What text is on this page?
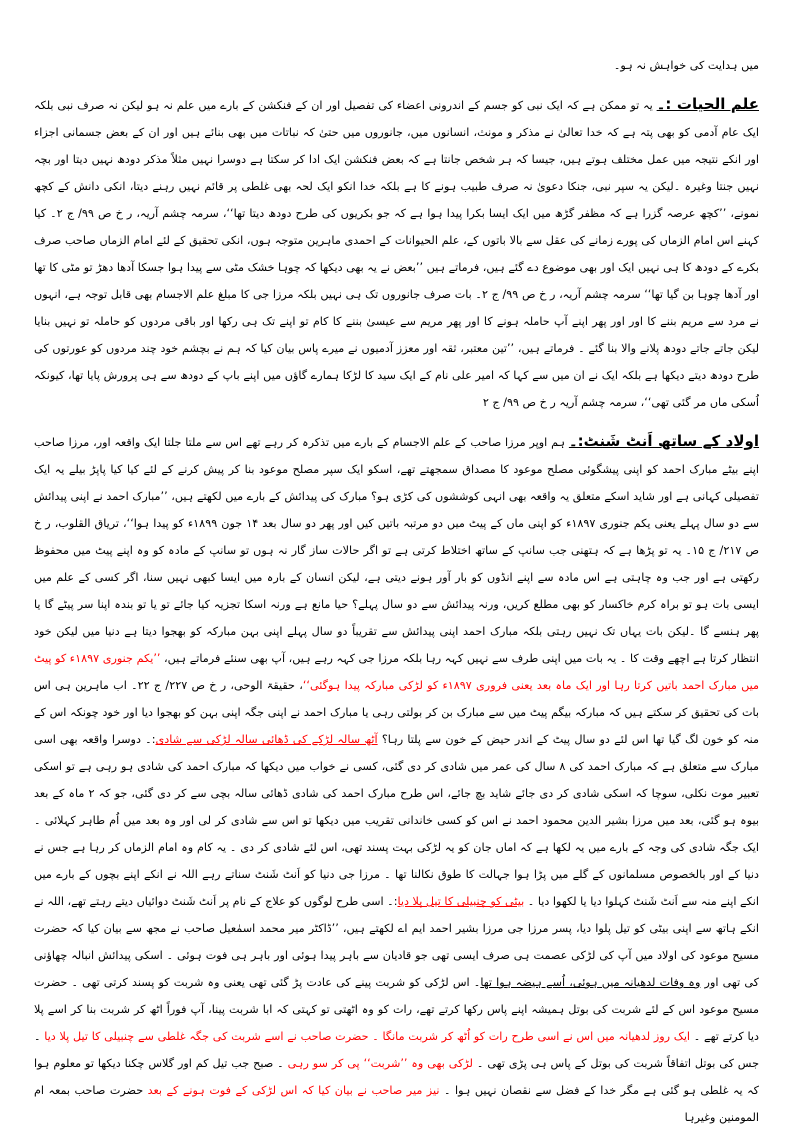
میں ہدایت کی خواہش نہ ہو۔

علم الحیات :۔ یہ تو ممکن ہے کہ ایک نبی کو جسم کے اندرونی اعضاء کی تفصیل اور ان کے فنکشن کے بارے میں علم نہ ہو لیکن نہ صرف نبی بلکہ ایک عام آدمی کو بھی پتہ ہے کہ خدا تعالیٰ نے مذکر و مونث، انسانوں میں، جانوروں میں حتیٰ کہ نباتات میں بھی بنائے ہیں اور ان کے بعض جسمانی اجزاء اور انکے نتیجہ میں عمل مختلف ہوتے ہیں، جیسا کہ ہر شخص جانتا ہے کہ بعض فنکشن ایک ادا کر سکتا ہے دوسرا نہیں مثلاً مذکر دودھ نہیں دیتا اور بچہ نہیں جنتا وغیرہ ۔لیکن یہ سپر نبی، جنکا دعویٰ نہ صرف طبیب ہونے کا ہے بلکہ خدا انکو ایک لحہ بھی غلطی پر قائم نہیں رہنے دیتا، انکی دانش کے کچھ نمونے، ’’کچھ عرصہ گزرا ہے کہ مظفر گڑھ میں ایک ایسا بکرا پیدا ہوا ہے کہ جو بکریوں کی طرح دودھ دیتا تھا‘‘، سرمہ چشم آریہ، ر خ ص ۹۹/ ج ۲۔ کیا کہنے اس امام الزماں کی پورے زمانے کی عقل سے بالا باتوں کے، علم الحیوانات کے احمدی ماہرین متوجہ ہوں، انکی تحقیق کے لئے امام الزماں صاحب صرف بکرے کے دودھ کا ہی نہیں ایک اور بھی موضوع دے گئے ہیں، فرماتے ہیں ’’بعض نے یہ بھی دیکھا کہ چوہا خشک مٹی سے پیدا ہوا جسکا آدھا دھڑ تو مٹی کا تھا اور آدھا چوہا بن گیا تھا‘‘ سرمہ چشم آریہ، ر خ ص ۹۹/ ج ۲۔ بات صرف جانوروں تک ہی نہیں بلکہ مرزا جی کا مبلغ علم الاجسام بھی قابل توجہ ہے، انہوں نے مرد سے مریم بننے کا اور اور پھر اپنے آپ حاملہ ہونے کا اور پھر مریم سے عیسیٰ بننے کا کام تو اپنے تک ہی رکھا اور باقی مردوں کو حاملہ تو نہیں بنایا لیکن جاتے جاتے دودھ پلانے والا بنا گئے ۔ فرماتے ہیں، ’’تین معتبر، ثقہ اور معزز آدمیوں نے میرے پاس بیان کیا کہ ہم نے بچشم خود چند مردوں کو عورتوں کی طرح دودھ دیتے دیکھا ہے بلکہ ایک نے ان میں سے کہا کہ امیر علی نام کے ایک سید کا لڑکا ہمارے گاؤں میں اپنے باپ کے دودھ سے ہی پرورش پایا تھا، کیونکہ اُسکی ماں مر گئی تھی‘‘، سرمہ چشم آریہ ر خ ص ۹۹/ ج ۲

اولاد کے ساتھ اَنٹ شَنٹ:۔ ہم اوپر مرزا صاحب کے علم الاجسام کے بارے میں تذکرہ کر رہے تھے اس سے ملتا جلتا ایک واقعہ اور، مرزا صاحب اپنے بیٹے مبارک احمد کو اپنی پیشگوئی مصلح موعود کا مصداق سمجھتے تھے، اسکو ایک سپر مصلح موعود بنا کر پیش کرنے کے لئے کیا کیا پاپڑ بیلے یہ ایک تفصیلی کہانی ہے اور شاید اسکے متعلق یہ واقعہ بھی انہی کوششوں کی کڑی ہو؟ مبارک کی پیدائش کے بارے میں لکھتے ہیں، ’’مبارک احمد نے اپنی پیدائش سے دو سال پہلے یعنی یکم جنوری ۱۸۹۷ء کو اپنی ماں کے پیٹ میں دو مرتبہ باتیں کیں اور پھر دو سال بعد ۱۴ جون ۱۸۹۹ء کو پیدا ہوا‘‘، تریاق القلوب، ر خ ص ۲۱۷/ ج ۱۵۔ یہ تو پڑھا ہے کہ ہتھنی جب سانپ کے ساتھ اختلاط کرتی ہے تو اگر حالات ساز گار نہ ہوں تو سانپ کے مادہ کو وہ اپنے پیٹ میں محفوظ رکھتی ہے اور جب وہ چاہتی ہے اس مادہ سے اپنے انڈوں کو بار آور ہونے دیتی ہے، لیکن انسان کے بارہ میں ایسا کبھی نہیں سنا، اگر کسی کے علم میں ایسی بات ہو تو براہ کرم خاکسار کو بھی مطلع کریں، ورنہ پیدائش سے دو سال پہلے؟ حیا مانع ہے ورنہ اسکا تجزیہ کیا جائے تو یا تو بندہ اپنا سر پیٹے گا یا پھر ہنسے گا ۔لیکن بات یہاں تک نہیں رہتی بلکہ مبارک احمد اپنی پیدائش سے تقریباً دو سال پہلے اپنی بہن مبارکہ کو بھجوا دیتا ہے دنیا میں لیکن خود انتظار کرتا ہے اچھے وقت کا ۔ یہ بات میں اپنی طرف سے نہیں کہہ رہا بلکہ مرزا جی کہہ رہے ہیں، آپ بھی سنئے فرماتے ہیں، ’’یکم جنوری ۱۸۹۷ء کو پیٹ میں مبارک احمد باتیں کرتا رہا اور ایک ماہ بعد یعنی فروری ۱۸۹۷ء کو لڑکی مبارکہ پیدا ہوگئی‘‘، حقیقۃ الوحی، ر خ ص ۲۲۷/ ج ۲۲۔ اب ماہرین ہی اس بات کی تحقیق کر سکتے ہیں کہ مبارکہ بیگم پیٹ میں سے مبارک بن کر بولتی رہی یا مبارک احمد نے اپنی جگہ اپنی بہن کو بھجوا دیا اور خود چونکہ اس کے منہ کو خون لگ گیا تھا اس لئے دو سال پیٹ کے اندر حیض کے خون سے پلتا رہا؟ آٹھ سالہ لڑکے کی ڈھائی سالہ لڑکی سے شادی:۔ دوسرا واقعہ بھی اسی مبارک سے متعلق ہے کہ مبارک احمد کی ۸ سال کی عمر میں شادی کر دی گئی، کسی نے خواب میں دیکھا کہ مبارک احمد کی شادی ہو رہی ہے تو اسکی تعبیر موت نکلی، سوچا کہ اسکی شادی کر دی جائے شاید بچ جائے، اس طرح مبارک احمد کی شادی ڈھائی سالہ بچی سے کر دی گئی، جو کہ ۲ ماہ کے بعد بیوہ ہو گئی، بعد میں مرزا بشیر الدین محمود احمد نے اس کو کسی خاندانی تقریب میں دیکھا تو اس سے شادی کر لی اور وہ بعد میں اُم طاہر کہلائی ۔ ایک جگہ شادی کی وجہ کے بارے میں یہ لکھا ہے کہ اماں جان کو یہ لڑکی بہت پسند تھی، اس لئے شادی کر دی ۔ یہ کام وہ امام الزماں کر رہا ہے جس نے دنیا کے اور بالخصوص مسلمانوں کے گلے میں پڑا ہوا جہالت کا طوق نکالنا تھا ۔ مرزا جی دنیا کو اَنٹ شَنٹ سناتے رہے اللہ نے انکے اپنے بچوں کے بارے میں انکے اپنے منہ سے اَنٹ شَنٹ کہلوا دیا یا لکھوا دیا ۔ بیٹی کو چنبیلی کا تیل پلا دیا:۔ اسی طرح لوگوں کو علاج کے نام پر اَنٹ شَنٹ دوائیاں دیتے رہتے تھے، اللہ نے انکے ہاتھ سے اپنی بیٹی کو تیل پلوا دیا، پسر مرزا جی مرزا بشیر احمد ایم اے لکھتے ہیں، ’’ڈاکٹر میر محمد اسمٰعیل صاحب نے مجھ سے بیان کیا کہ حضرت مسیح موعود کی اولاد میں آپ کی لڑکی عصمت ہی صرف ایسی تھی جو قادیان سے باہر پیدا ہوئی اور باہر ہی فوت ہوئی ۔ اسکی پیدائش انبالہ چھاؤنی کی تھی اور وہ وفات لدھیانہ میں ہوئی، اُسے ہیضہ ہوا تھا۔ اس لڑکی کو شربت پینے کی عادت پڑ گئی تھی یعنی وہ شربت کو پسند کرتی تھی ۔ حضرت مسیح موعود اس کے لئے شربت کی بوتل ہمیشہ اپنے پاس رکھا کرتے تھے، رات کو وہ اٹھتی تو کہتی کہ ابا شربت پینا، آپ فوراً اٹھ کر شربت بنا کر اسے پلا دیا کرتے تھے ۔ ایک روز لدھیانہ میں اس نے اسی طرح رات کو اُٹھ کر شربت مانگا ۔ حضرت صاحب نے اسے شربت کی جگہ غلطی سے چنبیلی کا تیل پلا دیا ۔ جس کی بوتل اتفاقاً شربت کی بوتل کے پاس ہی پڑی تھی ۔ لڑکی بھی وہ ’’شربت‘‘ پی کر سو رہی ۔ صبح جب تیل کم اور گلاس چکنا دیکھا تو معلوم ہوا کہ یہ غلطی ہو گئی ہے مگر خدا کے فضل سے نقصان نہیں ہوا ۔ نیز میر صاحب نے بیان کیا کہ اس لڑکی کے فوت ہونے کے بعد حضرت صاحب بمعہ ام المومنین وغیرہا
